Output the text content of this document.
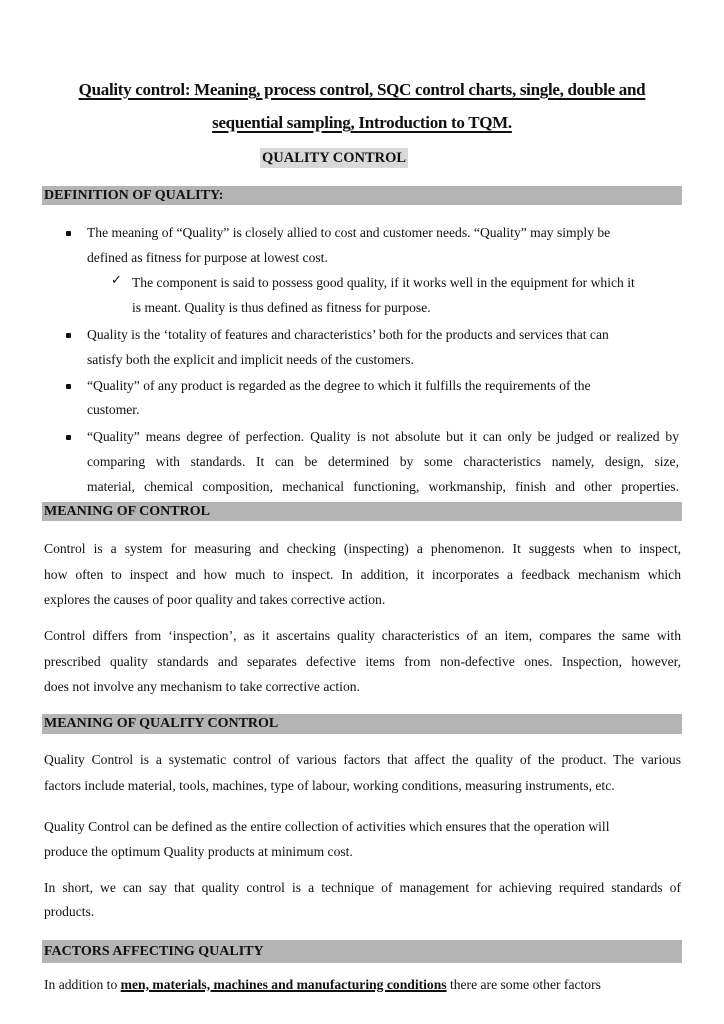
Quality control: Meaning, process control, SQC control charts, single, double and
sequential sampling, Introduction to TQM.
QUALITY CONTROL
DEFINITION OF QUALITY:
The meaning of “Quality” is closely allied to cost and customer needs. “Quality” may simply be
defined as fitness for purpose at lowest cost.
✓ The component is said to possess good quality, if it works well in the equipment for which it
is meant. Quality is thus defined as fitness for purpose.
Quality is the ‘totality of features and characteristics’ both for the products and services that can
satisfy both the explicit and implicit needs of the customers.
“Quality” of any product is regarded as the degree to which it fulfills the requirements of the
customer.
“Quality” means degree of perfection. Quality is not absolute but it can only be judged or realized by
comparing with standards. It can be determined by some characteristics namely, design, size,
material, chemical composition, mechanical functioning, workmanship, finish and other properties.
MEANING OF CONTROL
Control is a system for measuring and checking (inspecting) a phenomenon. It suggests when to inspect,
how often to inspect and how much to inspect. In addition, it incorporates a feedback mechanism which
explores the causes of poor quality and takes corrective action.
Control differs from ‘inspection’, as it ascertains quality characteristics of an item, compares the same with
prescribed quality standards and separates defective items from non-defective ones. Inspection, however,
does not involve any mechanism to take corrective action.
MEANING OF QUALITY CONTROL
Quality Control is a systematic control of various factors that affect the quality of the product. The various
factors include material, tools, machines, type of labour, working conditions, measuring instruments, etc.
Quality Control can be defined as the entire collection of activities which ensures that the operation will
produce the optimum Quality products at minimum cost.
In short, we can say that quality control is a technique of management for achieving required standards of
products.
FACTORS AFFECTING QUALITY
In addition to men, materials, machines and manufacturing conditions there are some other factors
